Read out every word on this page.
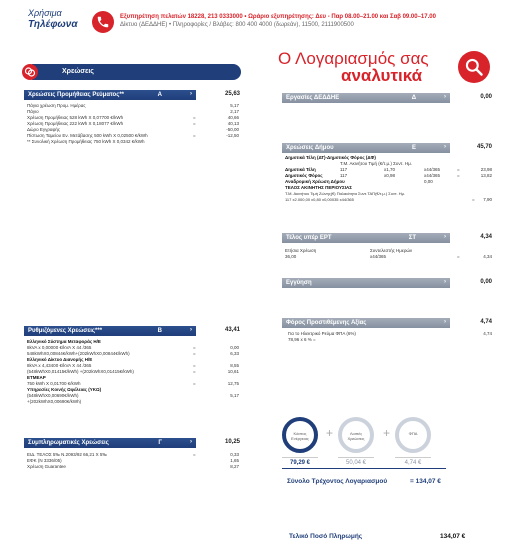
Χρήσιμα
Τηλέφωνα
Εξυπηρέτηση πελατών 18228, 213 0333000 • Ωράριο εξυπηρέτησης: Δευ - Παρ 08.00–21.00 και Σαβ 09.00–17.00
Δίκτυο (ΔΕΔΔΗΕ) • Πληροφορίες / Βλάβες: 800 400 4000 (δωρεάν), 11500, 2111900500
Ο Λογαριασμός σας
αναλυτικά
Χρεώσεις
Χρεώσεις Προμήθειας Ρεύματος**	A	›	25,63
Πάγια χρέωση Προμ. Ημέρας	5,17
Πάγιο	2,17
Χρέωση Προμήθειας 528 kWh Χ 0,07700 €/kWh	=	40,66
Χρέωση Προμήθειας 222 kWh Χ 0,18077 €/kWh	=	40,13
Δώρο Εγγραφής	-50,00
Πίστωση Ταμείου Εν. Μετάβασης 500 kWh Χ 0,02500 €/kWh	=	-12,50
** Συνολική Χρέωση Προμήθειας 750 kWh Χ 0,0342 €/kWh
Ρυθμιζόμενες Χρεώσεις***	B	›	43,41
Ελληνικό Σύστημα Μεταφοράς Η/Ε
8kVA x 0,00000 €/kVA X 44 /365	=	0,00
548kWhX0,00844€/kWh+(202kWhX0,00844€/kWh)	=	6,33
Ελληνικό Δίκτυο Διανομής Η/Ε
8kVA x 4,43400 €/kVA X 44 /365	=	8,55
(548kWhX0,01415€/kWh) +(202kWhX0,01415€/kWh)	=	10,61
ΕΤΜΕΑΡ
750 kWh X 0,01700 €/kWh	=	12,75
Υπηρεσίες Κοινής Ωφέλειας (ΥΚΩ)
(548kWhX0,00690€/kWh)	5,17
+(202kWhX0,00690€/kWh)
Συμπληρωματικές Χρεώσεις	Γ	›	10,25
ΕΙΔ. ΤΕΛΟΣ 5‰ Ν.2093/92 66,21 Χ 5‰	=	0,33
ΕΦΚ (Ν 3336/05)	1,65
Χρέωση Guarantee	8,27
Εργασίες ΔΕΔΔΗΕ	Δ	›	0,00
Χρεώσεις Δήμου	Ε	›	45,70
Δημοτικά Τέλη (ΔΤ)-Δημοτικός Φόρος (ΔΦ)
Τ.Μ. Ακινήτου Τιμή (€/τ.μ.) Συντ. Ημ.
Δημοτικά Τέλη	117	x1,70	x44/365	=	23,98
Δημοτικός Φόρος	117	x0,98	x44/365	=	13,82
Αναδρομική Χρέωση Δήμου	0,00
ΤΕΛΟΣ ΑΚΙΝΗΤΗΣ ΠΕΡΙΟΥΣΙΑΣ
Τ.Μ. Ακινήτου Τιμή Ζώνης(€) Παλαιότητα Συντ.ΤΑΠ(€/τ.μ.) Συντ. Ημ.
117 x2.000,00 x0,80 x0,00035 x44/365	=	7,90
Τέλος υπέρ ΕΡΤ	ΣΤ	›	4,34
Ετήσια Χρέωση	Συντελεστής Ημερών
36,00	x44/365	=	4,34
Εγγύηση	›	0,00
Φόρος Προστιθέμενης Αξίας	›	4,74
Για το Ηλεκτρικό Ρεύμα ΦΠΑ (6%)	4,74
78,96 x 6 % =
Κόστος Ενέργειας	+	Λοιπές Χρεώσεις	+	ΦΠΑ
79,29 €	50,04 €	4,74 €
Σύνολο Τρέχοντος Λογαριασμού	= 134,07 €
Τελικό Ποσό Πληρωμής	134,07 €
